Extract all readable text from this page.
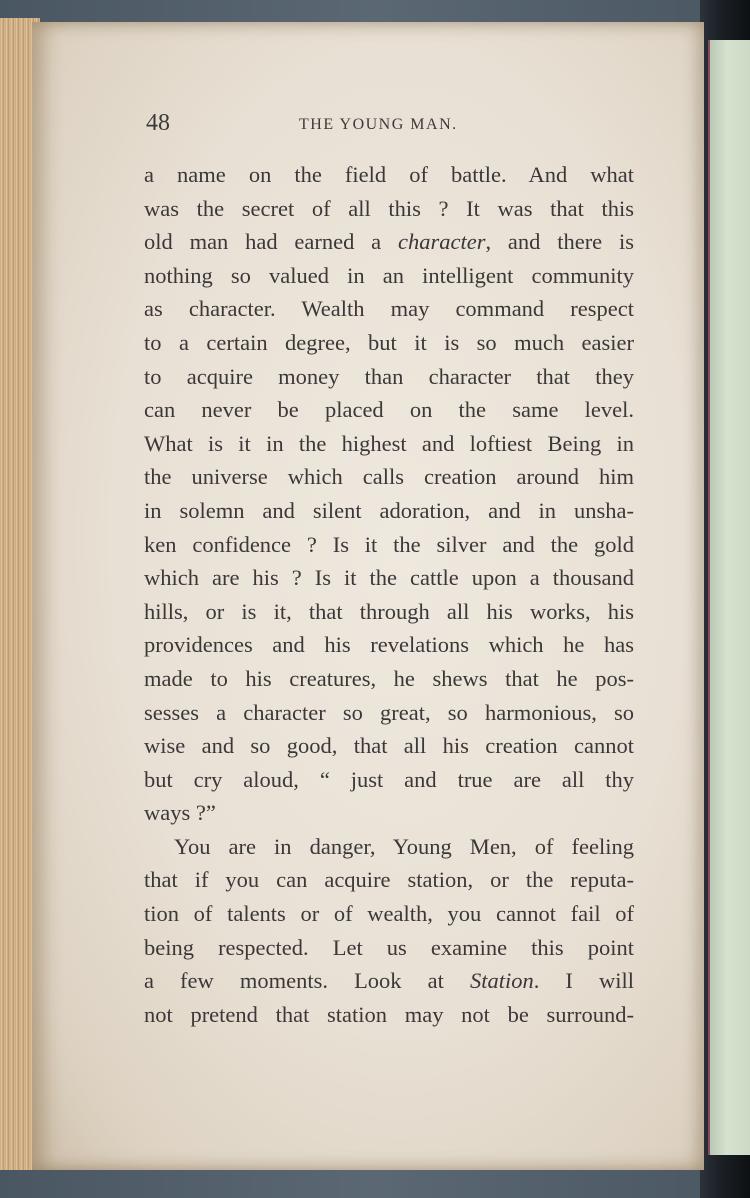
48	THE YOUNG MAN.
a name on the field of battle. And what
was the secret of all this ? It was that this
old man had earned a character, and there is
nothing so valued in an intelligent community
as character. Wealth may command respect
to a certain degree, but it is so much easier
to acquire money than character that they
can never be placed on the same level.
What is it in the highest and loftiest Being in
the universe which calls creation around him
in solemn and silent adoration, and in unsha-
ken confidence ? Is it the silver and the gold
which are his ? Is it the cattle upon a thousand
hills, or is it, that through all his works, his
providences and his revelations which he has
made to his creatures, he shews that he pos-
sesses a character so great, so harmonious, so
wise and so good, that all his creation cannot
but cry aloud, “ just and true are all thy
ways ?”
You are in danger, Young Men, of feeling
that if you can acquire station, or the reputa-
tion of talents or of wealth, you cannot fail of
being respected. Let us examine this point
a few moments. Look at Station. I will
not pretend that station may not be surround-
